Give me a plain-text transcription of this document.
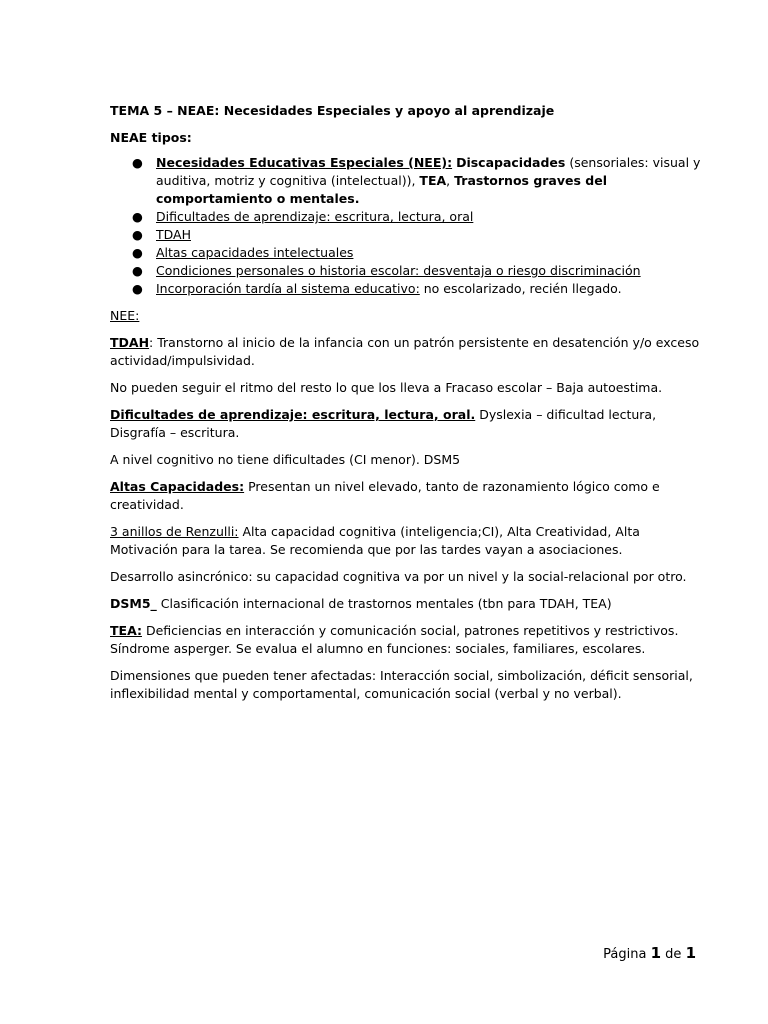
TEMA 5 – NEAE: Necesidades Especiales y apoyo al aprendizaje

NEAE tipos:

● Necesidades Educativas Especiales (NEE): Discapacidades (sensoriales: visual y auditiva, motriz y cognitiva (intelectual)), TEA, Trastornos graves del comportamiento o mentales.
● Dificultades de aprendizaje: escritura, lectura, oral
● TDAH
● Altas capacidades intelectuales
● Condiciones personales o historia escolar: desventaja o riesgo discriminación
● Incorporación tardía al sistema educativo: no escolarizado, recién llegado.

NEE:

TDAH: Transtorno al inicio de la infancia con un patrón persistente en desatención y/o exceso actividad/impulsividad.

No pueden seguir el ritmo del resto lo que los lleva a Fracaso escolar – Baja autoestima.

Dificultades de aprendizaje: escritura, lectura, oral. Dyslexia – dificultad lectura, Disgrafía – escritura.

A nivel cognitivo no tiene dificultades (CI menor). DSM5

Altas Capacidades: Presentan un nivel elevado, tanto de razonamiento lógico como e creatividad.

3 anillos de Renzulli: Alta capacidad cognitiva (inteligencia;CI), Alta Creatividad, Alta Motivación para la tarea. Se recomienda que por las tardes vayan a asociaciones.

Desarrollo asincrónico: su capacidad cognitiva va por un nivel y la social-relacional por otro.

DSM5_ Clasificación internacional de trastornos mentales (tbn para TDAH, TEA)

TEA: Deficiencias en interacción y comunicación social, patrones repetitivos y restrictivos. Síndrome asperger. Se evalua el alumno en funciones: sociales, familiares, escolares.

Dimensiones que pueden tener afectadas: Interacción social, simbolización, déficit sensorial, inflexibilidad mental y comportamental, comunicación social (verbal y no verbal).

Página 1 de 1
